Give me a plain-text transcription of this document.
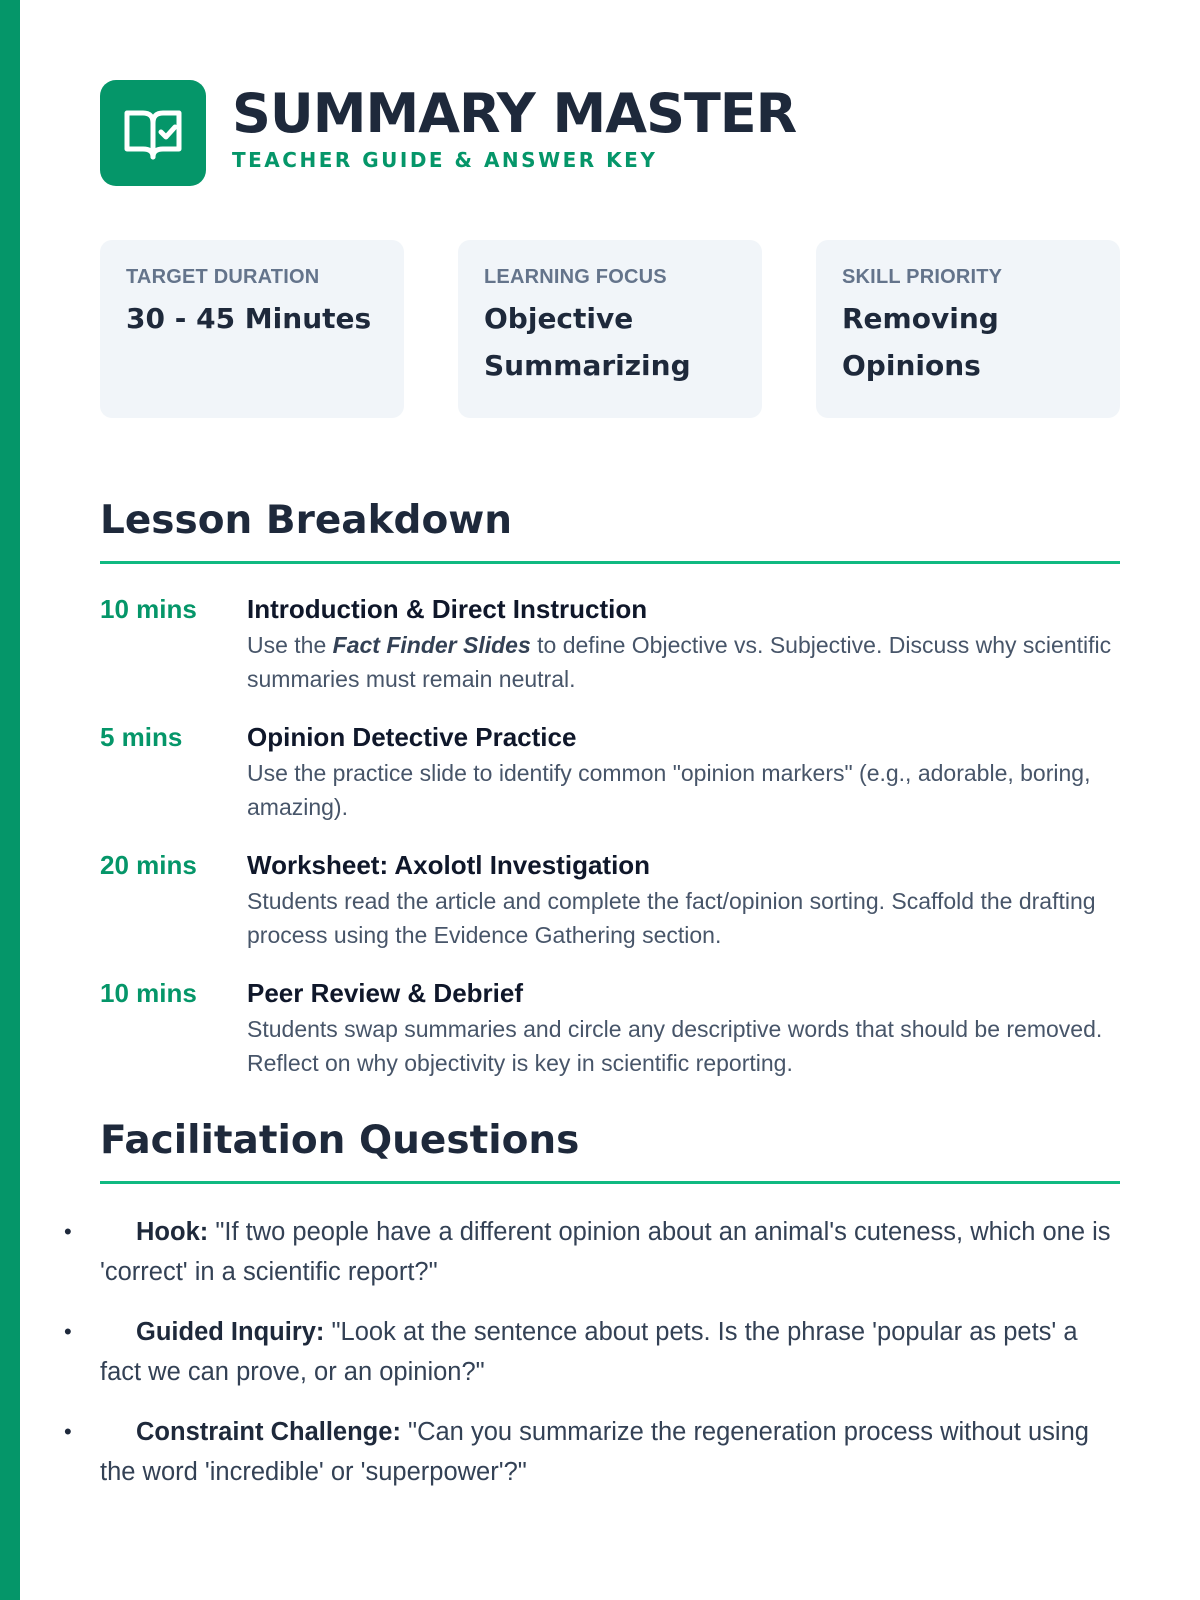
SUMMARY MASTER
TEACHER GUIDE & ANSWER KEY
TARGET DURATION
30 - 45 Minutes
LEARNING FOCUS
Objective Summarizing
SKILL PRIORITY
Removing Opinions
Lesson Breakdown
10 mins	Introduction & Direct Instruction
Use the Fact Finder Slides to define Objective vs. Subjective. Discuss why scientific summaries must remain neutral.
5 mins	Opinion Detective Practice
Use the practice slide to identify common "opinion markers" (e.g., adorable, boring, amazing).
20 mins	Worksheet: Axolotl Investigation
Students read the article and complete the fact/opinion sorting. Scaffold the drafting process using the Evidence Gathering section.
10 mins	Peer Review & Debrief
Students swap summaries and circle any descriptive words that should be removed. Reflect on why objectivity is key in scientific reporting.
Facilitation Questions
•	Hook: "If two people have a different opinion about an animal's cuteness, which one is 'correct' in a scientific report?"
•	Guided Inquiry: "Look at the sentence about pets. Is the phrase 'popular as pets' a fact we can prove, or an opinion?"
•	Constraint Challenge: "Can you summarize the regeneration process without using the word 'incredible' or 'superpower'?"
